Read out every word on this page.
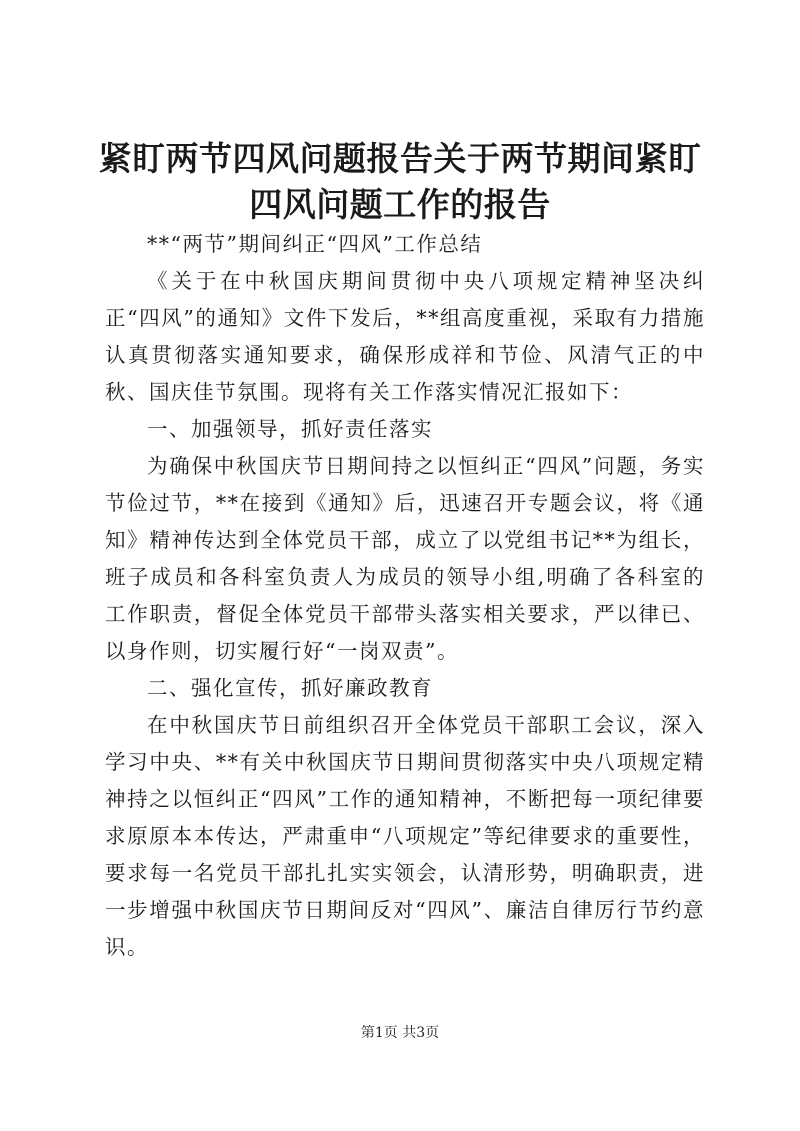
紧盯两节四风问题报告关于两节期间紧盯四风问题工作的报告

**“两节”期间纠正“四风”工作总结

《关于在中秋国庆期间贯彻中央八项规定精神坚决纠正“四风”的通知》文件下发后，**组高度重视，采取有力措施认真贯彻落实通知要求，确保形成祥和节俭、风清气正的中秋、国庆佳节氛围。现将有关工作落实情况汇报如下：

一、加强领导，抓好责任落实

为确保中秋国庆节日期间持之以恒纠正“四风”问题，务实节俭过节，**在接到《通知》后，迅速召开专题会议，将《通知》精神传达到全体党员干部，成立了以党组书记**为组长，班子成员和各科室负责人为成员的领导小组,明确了各科室的工作职责，督促全体党员干部带头落实相关要求，严以律已、以身作则，切实履行好“一岗双责”。

二、强化宣传，抓好廉政教育

在中秋国庆节日前组织召开全体党员干部职工会议，深入学习中央、**有关中秋国庆节日期间贯彻落实中央八项规定精神持之以恒纠正“四风”工作的通知精神，不断把每一项纪律要求原原本本传达，严肃重申“八项规定”等纪律要求的重要性，要求每一名党员干部扎扎实实领会，认清形势，明确职责，进一步增强中秋国庆节日期间反对“四风”、廉洁自律厉行节约意识。

第1页 共3页
